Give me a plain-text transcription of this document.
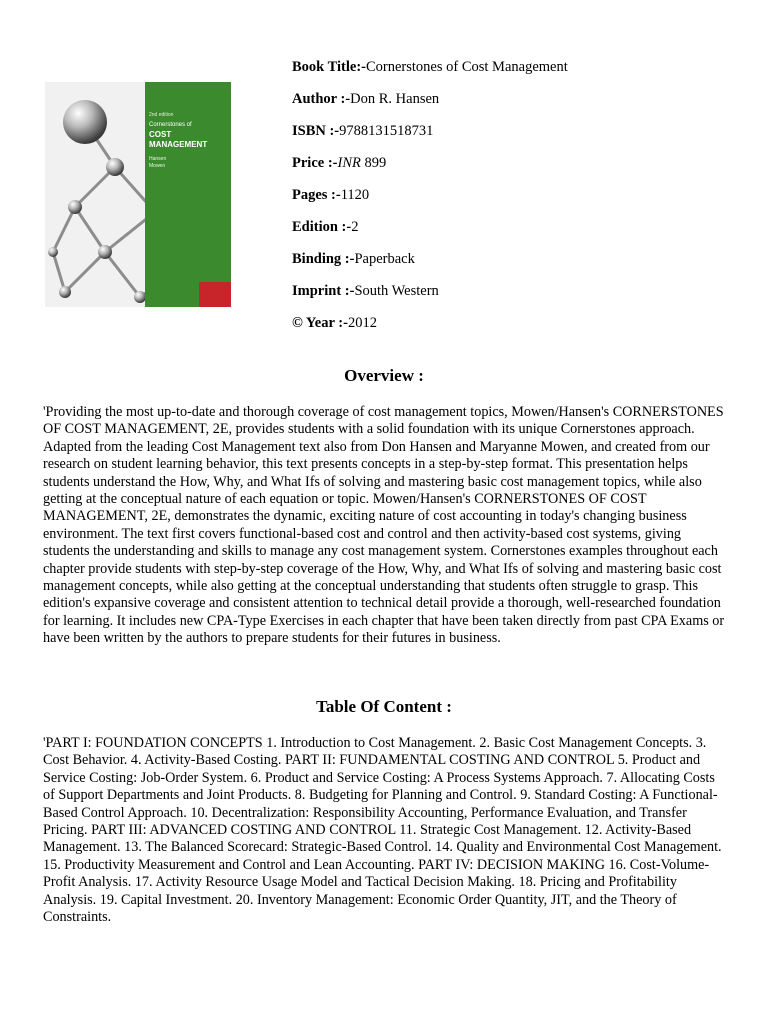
2nd edition
Cornerstones of
COST
MANAGEMENT
Hansen
Mowen
Book Title:-Cornerstones of Cost Management
Author :-Don R. Hansen
ISBN :-9788131518731
Price :-INR 899
Pages :-1120
Edition :-2
Binding :-Paperback
Imprint :-South Western
© Year :-2012
Overview :
'Providing the most up-to-date and thorough coverage of cost management topics, Mowen/Hansen's CORNERSTONES OF COST MANAGEMENT, 2E, provides students with a solid foundation with its unique Cornerstones approach. Adapted from the leading Cost Management text also from Don Hansen and Maryanne Mowen, and created from our research on student learning behavior, this text presents concepts in a step-by-step format. This presentation helps students understand the How, Why, and What Ifs of solving and mastering basic cost management topics, while also getting at the conceptual nature of each equation or topic. Mowen/Hansen's CORNERSTONES OF COST MANAGEMENT, 2E, demonstrates the dynamic, exciting nature of cost accounting in today's changing business environment. The text first covers functional-based cost and control and then activity-based cost systems, giving students the understanding and skills to manage any cost management system. Cornerstones examples throughout each chapter provide students with step-by-step coverage of the How, Why, and What Ifs of solving and mastering basic cost management concepts, while also getting at the conceptual understanding that students often struggle to grasp. This edition's expansive coverage and consistent attention to technical detail provide a thorough, well-researched foundation for learning. It includes new CPA-Type Exercises in each chapter that have been taken directly from past CPA Exams or have been written by the authors to prepare students for their futures in business.
Table Of Content :
'PART I: FOUNDATION CONCEPTS 1. Introduction to Cost Management. 2. Basic Cost Management Concepts. 3. Cost Behavior. 4. Activity-Based Costing. PART II: FUNDAMENTAL COSTING AND CONTROL 5. Product and Service Costing: Job-Order System. 6. Product and Service Costing: A Process Systems Approach. 7. Allocating Costs of Support Departments and Joint Products. 8. Budgeting for Planning and Control. 9. Standard Costing: A Functional-Based Control Approach. 10. Decentralization: Responsibility Accounting, Performance Evaluation, and Transfer Pricing. PART III: ADVANCED COSTING AND CONTROL 11. Strategic Cost Management. 12. Activity-Based Management. 13. The Balanced Scorecard: Strategic-Based Control. 14. Quality and Environmental Cost Management. 15. Productivity Measurement and Control and Lean Accounting. PART IV: DECISION MAKING 16. Cost-Volume-Profit Analysis. 17. Activity Resource Usage Model and Tactical Decision Making. 18. Pricing and Profitability Analysis. 19. Capital Investment. 20. Inventory Management: Economic Order Quantity, JIT, and the Theory of Constraints.
